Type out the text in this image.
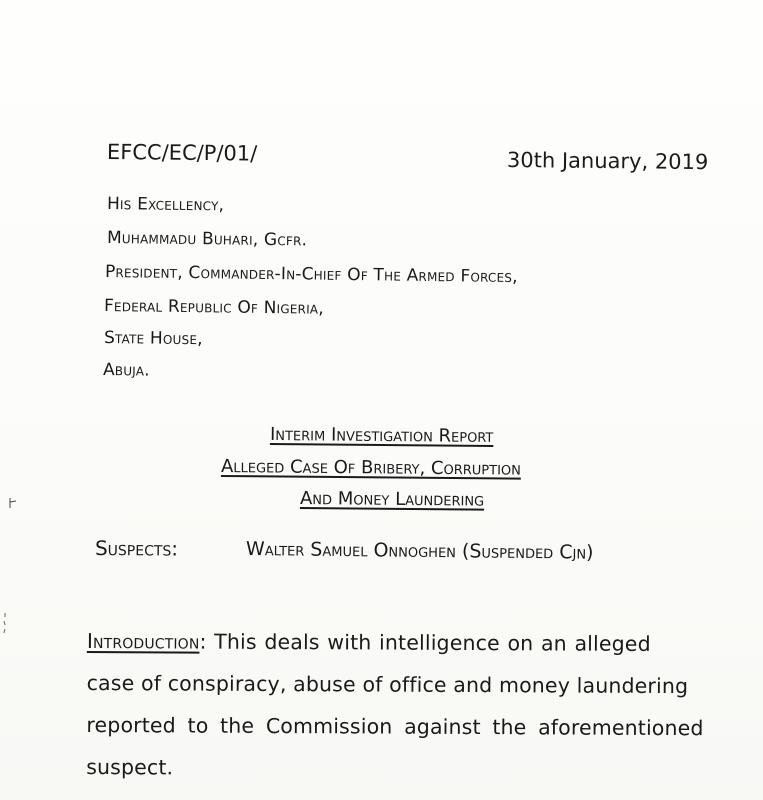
EFCC/EC/P/01/	30th January, 2019
His Excellency,
Muhammadu Buhari, Gcfr.
President, Commander-In-Chief Of The Armed Forces,
Federal Republic Of Nigeria,
State House,
Abuja.
Interim Investigation Report
Alleged Case Of Bribery, Corruption
And Money Laundering
Suspects:	Walter Samuel Onnoghen (Suspended Cjn)
Introduction: This deals with intelligence on an alleged
case of conspiracy, abuse of office and money laundering
reported to the Commission against the aforementioned
suspect.
